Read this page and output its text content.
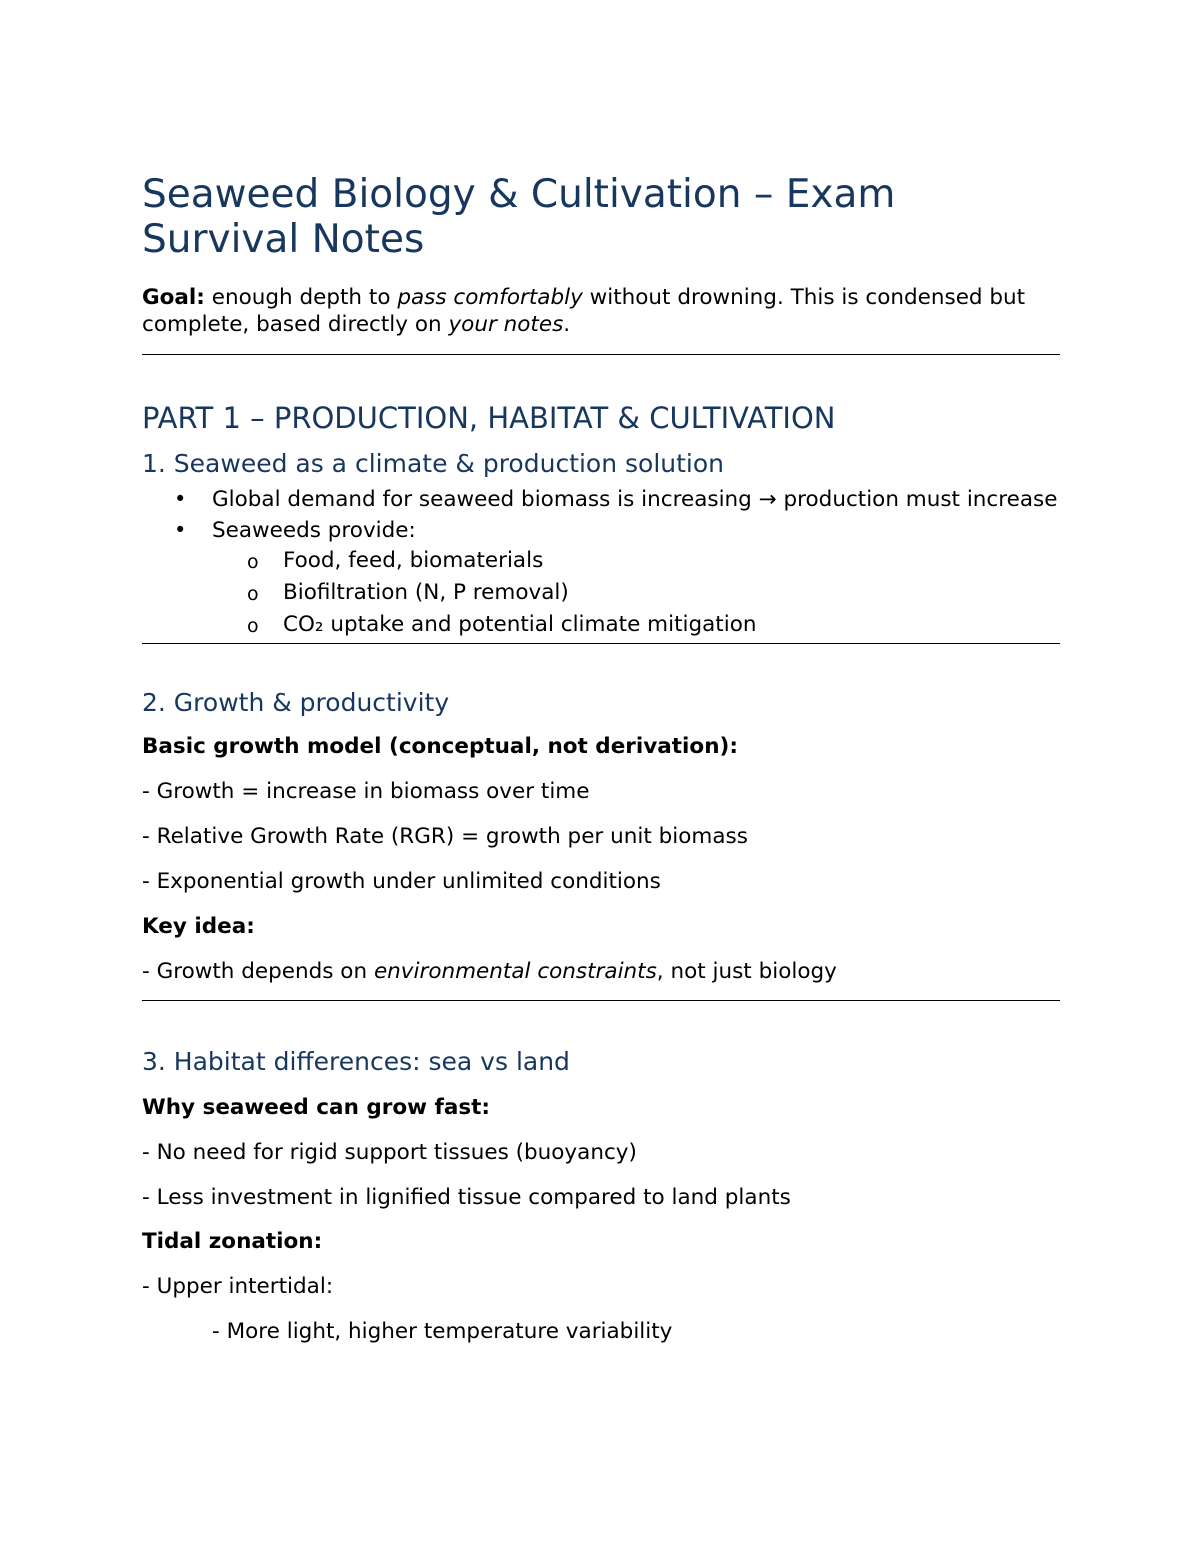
Seaweed Biology & Cultivation – Exam Survival Notes

Goal: enough depth to pass comfortably without drowning. This is condensed but complete, based directly on your notes.

PART 1 – PRODUCTION, HABITAT & CULTIVATION
1. Seaweed as a climate & production solution
• Global demand for seaweed biomass is increasing → production must increase
• Seaweeds provide:
o Food, feed, biomaterials
o Biofiltration (N, P removal)
o CO₂ uptake and potential climate mitigation
2. Growth & productivity

Basic growth model (conceptual, not derivation):

- Growth = increase in biomass over time

- Relative Growth Rate (RGR) = growth per unit biomass

- Exponential growth under unlimited conditions

Key idea:

- Growth depends on environmental constraints, not just biology

3. Habitat differences: sea vs land

Why seaweed can grow fast:

- No need for rigid support tissues (buoyancy)

- Less investment in lignified tissue compared to land plants

Tidal zonation:

- Upper intertidal:

- More light, higher temperature variability
